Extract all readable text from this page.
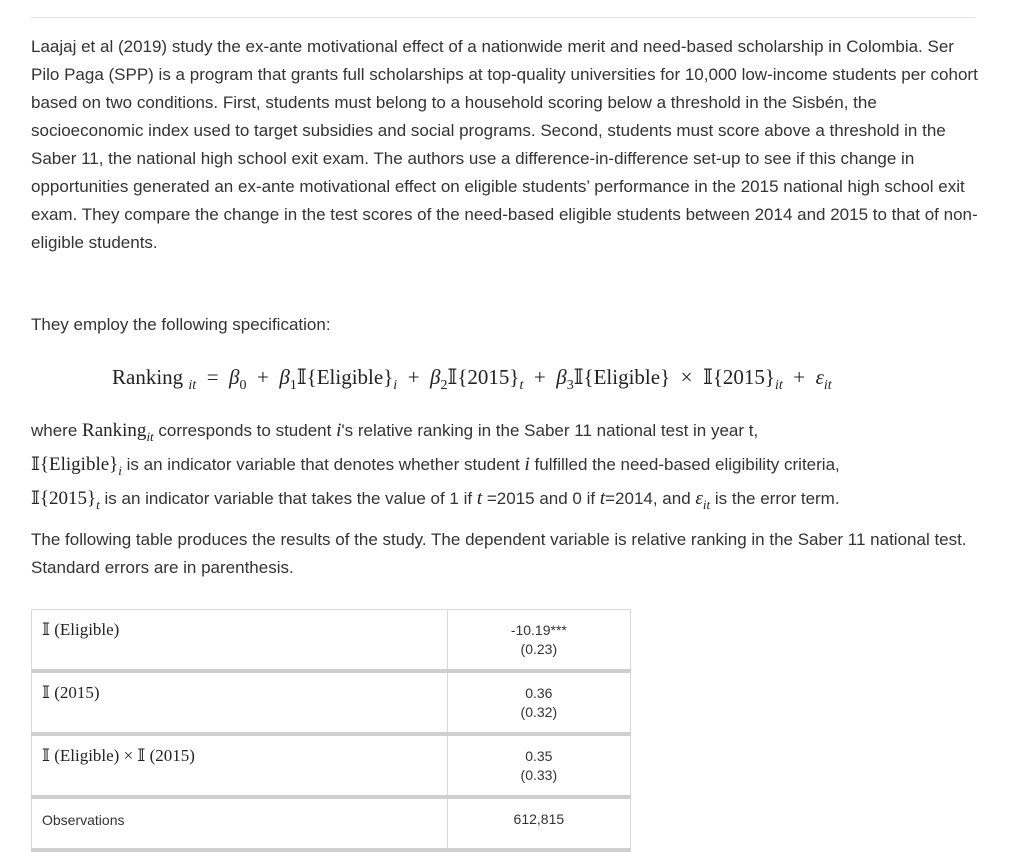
Laajaj et al (2019) study the ex-ante motivational effect of a nationwide merit and need-based scholarship in Colombia. Ser Pilo Paga (SPP) is a program that grants full scholarships at top-quality universities for 10,000 low-income students per cohort based on two conditions. First, students must belong to a household scoring below a threshold in the Sisbén, the socioeconomic index used to target subsidies and social programs. Second, students must score above a threshold in the Saber 11, the national high school exit exam. The authors use a difference-in-difference set-up to see if this change in opportunities generated an ex-ante motivational effect on eligible students’ performance in the 2015 national high school exit exam. They compare the change in the test scores of the need-based eligible students between 2014 and 2015 to that of non-eligible students.

They employ the following specification:

Ranking $_{it} = \beta_0$  +  $\beta_1𝕀\{Eligible\}_i$  +  $\beta_2𝕀\{2015\}_t$  +  $\beta_3𝕀\{Eligible\}$  ×  $𝕀\{2015\}_{it} + \varepsilon_{it}$

where Ranking$_{it}$ corresponds to student i's relative ranking in the Saber 11 national test in year t,
$𝕀\{Eligible\}_i$ is an indicator variable that denotes whether student i fulfilled the need-based eligibility criteria,
$𝕀\{2015\}_t$ is an indicator variable that takes the value of 1 if t =2015 and 0 if t=2014, and $\varepsilon_{it}$ is the error term.

The following table produces the results of the study. The dependent variable is relative ranking in the Saber 11 national test. Standard errors are in parenthesis.

𝕀 (Eligible)	-10.19***
(0.23)

𝕀 (2015)	0.36
(0.32)

𝕀 (Eligible) × 𝕀 (2015)	0.35
(0.33)

Observations	612,815
